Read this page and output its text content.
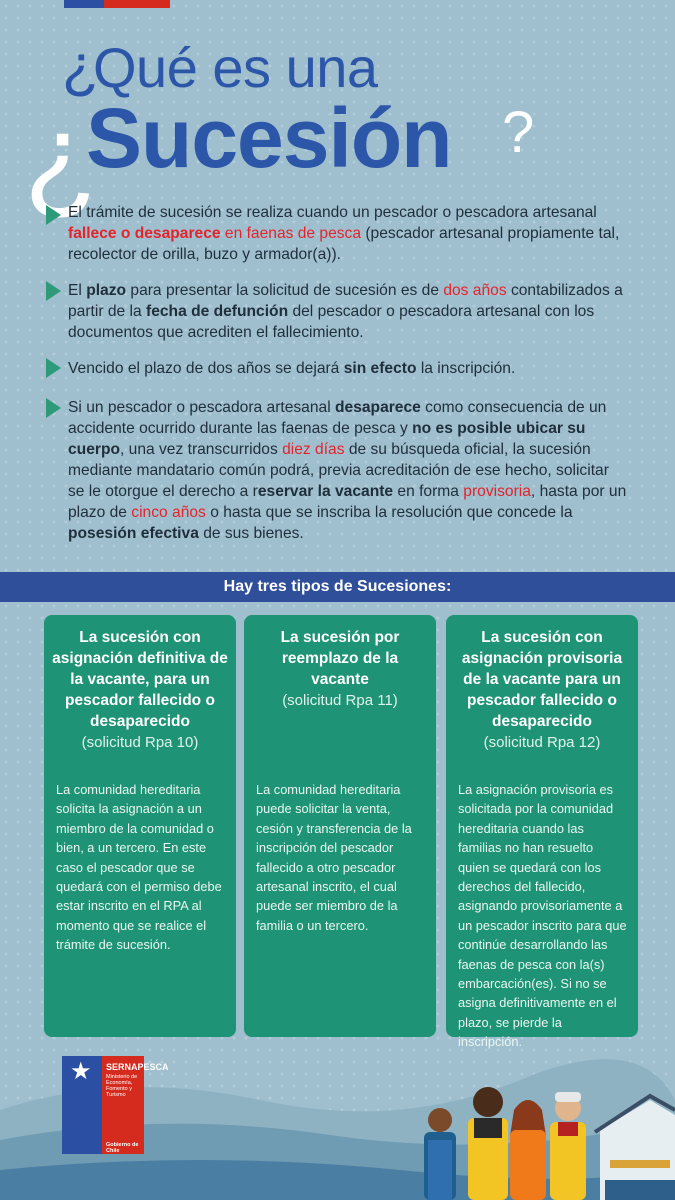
¿
Qué es una
¿
Sucesión ?
El trámite de sucesión se realiza cuando un pescador o pescadora artesanal fallece o desaparece en faenas de pesca (pescador artesanal propiamente tal, recolector de orilla, buzo y armador(a)).
El plazo para presentar la solicitud de sucesión es de dos años contabilizados a partir de la fecha de defunción del pescador o pescadora artesanal con los documentos que acrediten el fallecimiento.
Vencido el plazo de dos años se dejará sin efecto la inscripción.
Si un pescador o pescadora artesanal desaparece como consecuencia de un accidente ocurrido durante las faenas de pesca y no es posible ubicar su cuerpo, una vez transcurridos diez días de su búsqueda oficial, la sucesión mediante mandatario común podrá, previa acreditación de ese hecho, solicitar se le otorgue el derecho a reservar la vacante en forma provisoria, hasta por un plazo de cinco años o hasta que se inscriba la resolución que concede la posesión efectiva de sus bienes.
Hay tres tipos de Sucesiones:
La sucesión con asignación definitiva de la vacante, para un pescador fallecido o desaparecido
(solicitud Rpa 10)
La comunidad hereditaria solicita la asignación a un miembro de la comunidad o bien, a un tercero. En este caso el pescador que se quedará con el permiso debe estar inscrito en el RPA al momento que se realice el trámite de sucesión.
La sucesión por reemplazo de la vacante
(solicitud Rpa 11)
La comunidad hereditaria puede solicitar la venta, cesión y transferencia de la inscripción del pescador fallecido a otro pescador artesanal inscrito, el cual puede ser miembro de la familia o un tercero.
La sucesión con asignación provisoria de la vacante para un pescador fallecido o desaparecido
(solicitud Rpa 12)
La asignación provisoria es solicitada por la comunidad hereditaria cuando las familias no han resuelto quien se quedará con los derechos del fallecido, asignando provisoriamente a un pescador inscrito para que continúe desarrollando las faenas de pesca con la(s) embarcación(es). Si no se asigna definitivamente en el plazo, se pierde la inscripción.
★ SERNAPESCA
Ministerio de Economía, Fomento y Turismo
Gobierno de Chile
